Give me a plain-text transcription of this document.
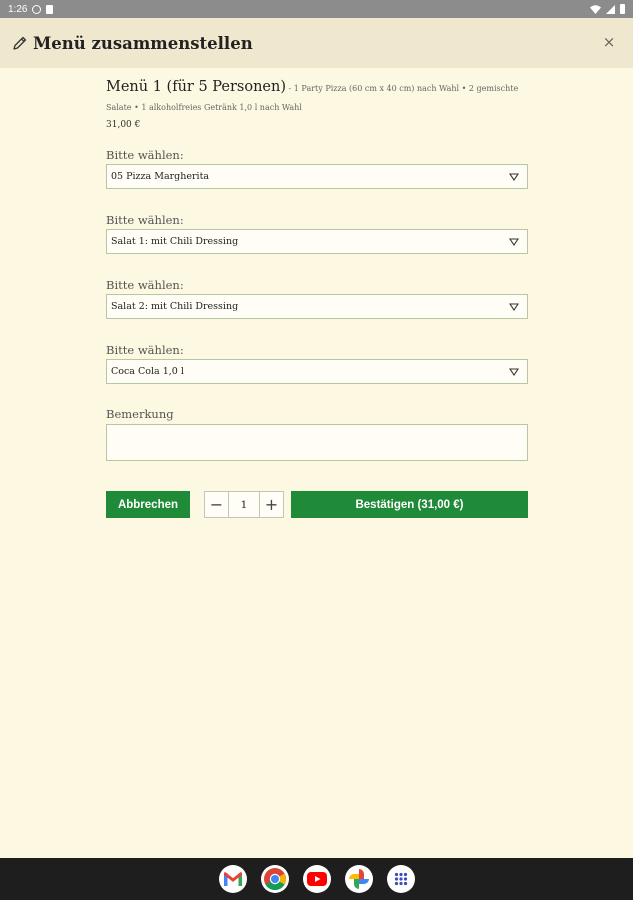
1:26
Menü zusammenstellen	×
Menü 1 (für 5 Personen) - 1 Party Pizza (60 cm x 40 cm) nach Wahl • 2 gemischte Salate • 1 alkoholfreies Getränk 1,0 l nach Wahl
31,00 €
Bitte wählen:
05 Pizza Margherita
Bitte wählen:
Salat 1: mit Chili Dressing
Bitte wählen:
Salat 2: mit Chili Dressing
Bitte wählen:
Coca Cola 1,0 l
Bemerkung
Abbrechen	−	1	+	Bestätigen (31,00 €)
